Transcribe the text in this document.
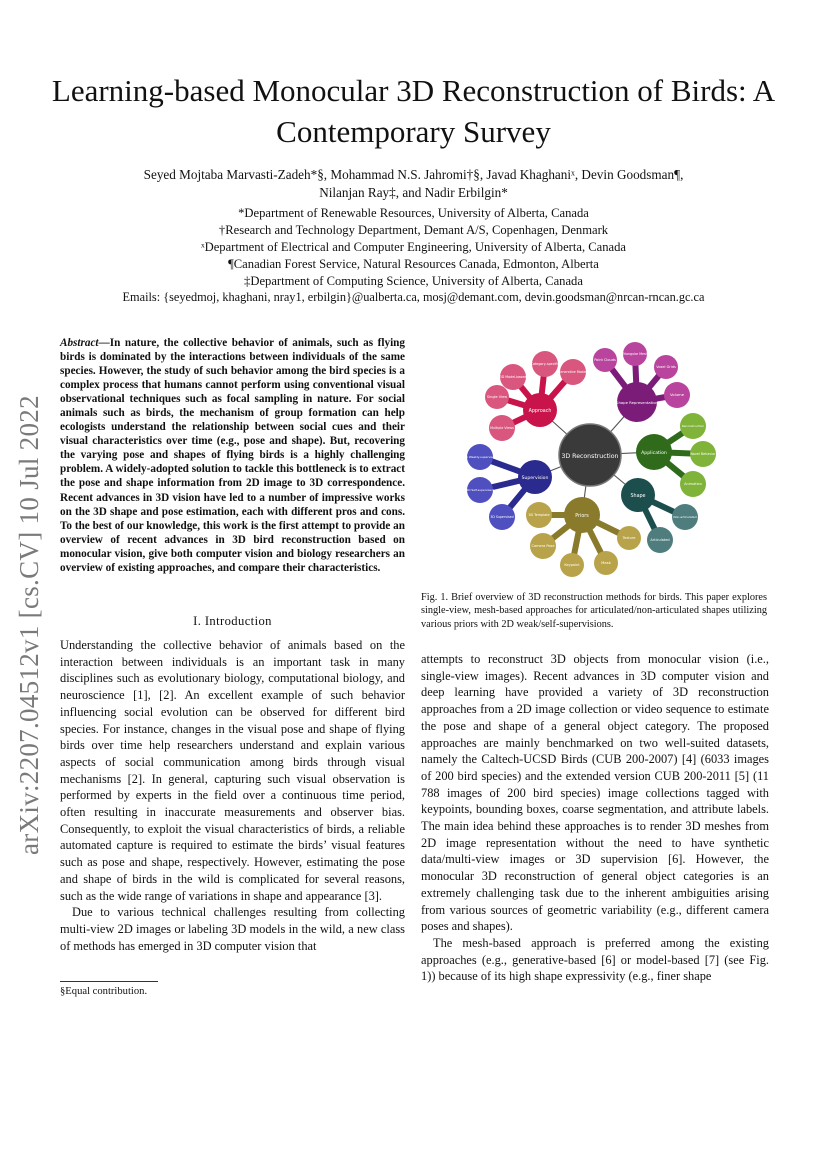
Learning-based Monocular 3D Reconstruction of Birds: A Contemporary Survey
Seyed Mojtaba Marvasti-Zadeh*§, Mohammad N.S. Jahromi†§, Javad Khaghaniˣ, Devin Goodsman¶,
Nilanjan Ray‡, and Nadir Erbilgin*
*Department of Renewable Resources, University of Alberta, Canada
†Research and Technology Department, Demant A/S, Copenhagen, Denmark
ˣDepartment of Electrical and Computer Engineering, University of Alberta, Canada
¶Canadian Forest Service, Natural Resources Canada, Edmonton, Alberta
‡Department of Computing Science, University of Alberta, Canada
Emails: {seyedmoj, khaghani, nray1, erbilgin}@ualberta.ca, mosj@demant.com, devin.goodsman@nrcan-rncan.gc.ca
arXiv:2207.04512v1 [cs.CV] 10 Jul 2022
Abstract—In nature, the collective behavior of animals, such as flying birds is dominated by the interactions between individuals of the same species. However, the study of such behavior among the bird species is a complex process that humans cannot perform using conventional visual observational techniques such as focal sampling in nature. For social animals such as birds, the mechanism of group formation can help ecologists understand the relationship between social cues and their visual characteristics over time (e.g., pose and shape). But, recovering the varying pose and shapes of flying birds is a highly challenging problem. A widely-adopted solution to tackle this bottleneck is to extract the pose and shape information from 2D image to 3D correspondence. Recent advances in 3D vision have led to a number of impressive works on the 3D shape and pose estimation, each with different pros and cons. To the best of our knowledge, this work is the first attempt to provide an overview of recent advances in 3D bird reconstruction based on monocular vision, give both computer vision and biology researchers an overview of existing approaches, and compare their characteristics.
I. Introduction

Understanding the collective behavior of animals based on the interaction between individuals is an important task in many disciplines such as evolutionary biology, computational biology, and neuroscience [1], [2]. An excellent example of such behavior influencing social evolution can be observed for different bird species. For instance, changes in the visual pose and shape of flying birds over time help researchers understand and explain various aspects of social communication among birds through visual mechanisms [2]. In general, capturing such visual observation is performed by experts in the field over a continuous time period, often resulting in inaccurate measurements and observer bias. Consequently, to exploit the visual characteristics of birds, a reliable automated capture is required to estimate the birds’ visual features such as pose and shape, respectively. However, estimating the pose and shape of birds in the wild is complicated for several reasons, such as the wide range of variations in shape and appearance [3].

Due to various technical challenges resulting from collecting multi-view 2D images or labeling 3D models in the wild, a new class of methods has emerged in 3D computer vision that

§Equal contribution.
3D Reconstruction
Approach
Shape Representation
Application
Shape
Priors
Supervision
3D Model-based
Category-specific
Generative Models
Single View
Multiple Views
Point Clouds
Triangular Mesh
Voxel Grids
Volume
Reconstruction
Novel Behavior
Animation
Non-articulated
Articulated
3D Template
Camera Pose
Keypoint	Mask
Texture
2D Weakly-supervised
2D Self-supervised
3D Supervised
Fig. 1. Brief overview of 3D reconstruction methods for birds. This paper explores single-view, mesh-based approaches for articulated/non-articulated shapes utilizing various priors with 2D weak/self-supervisions.

attempts to reconstruct 3D objects from monocular vision (i.e., single-view images). Recent advances in 3D computer vision and deep learning have provided a variety of 3D reconstruction approaches from a 2D image collection or video sequence to estimate the pose and shape of a general object category. The proposed approaches are mainly benchmarked on two well-suited datasets, namely the Caltech-UCSD Birds (CUB 200-2007) [4] (6033 images of 200 bird species) and the extended version CUB 200-2011 [5] (11 788 images of 200 bird species) image collections tagged with keypoints, bounding boxes, coarse segmentation, and attribute labels. The main idea behind these approaches is to render 3D meshes from 2D image representation without the need to have synthetic data/multi-view images or 3D supervision [6]. However, the monocular 3D reconstruction of general object categories is an extremely challenging task due to the inherent ambiguities arising from various sources of geometric variability (e.g., different camera poses and shapes).

The mesh-based approach is preferred among the existing approaches (e.g., generative-based [6] or model-based [7] (see Fig. 1)) because of its high shape expressivity (e.g., finer shape
